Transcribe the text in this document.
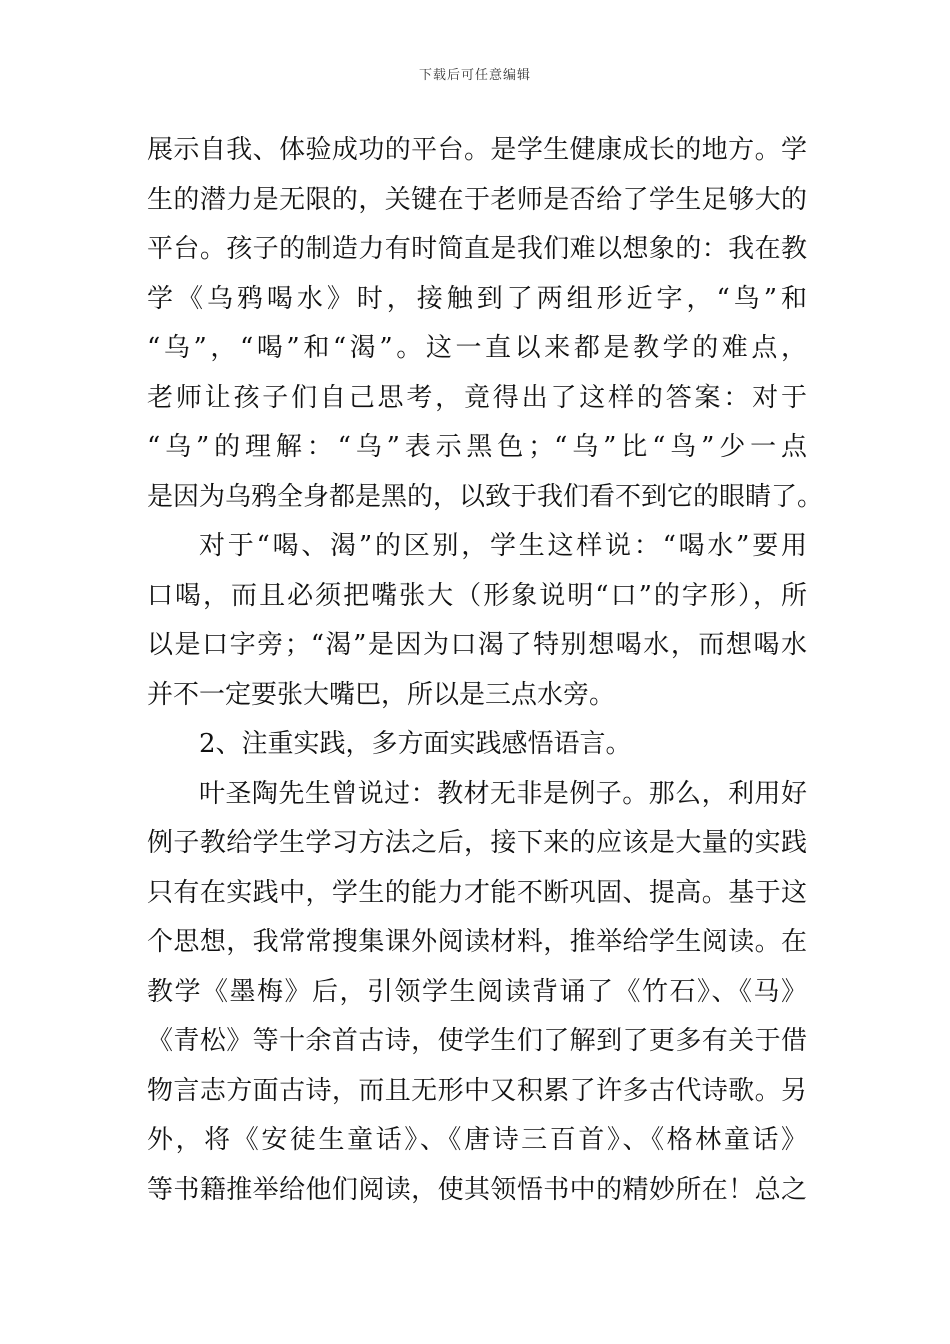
下载后可任意编辑
展示自我、体验成功的平台。是学生健康成长的地方。学
生的潜力是无限的，关键在于老师是否给了学生足够大的
平台。孩子的制造力有时简直是我们难以想象的：我在教
学《乌鸦喝水》时，接触到了两组形近字，“鸟”和
“乌”，“喝”和“渴”。这一直以来都是教学的难点，
老师让孩子们自己思考，竟得出了这样的答案：对于
“乌”的理解：“乌”表示黑色；“乌”比“鸟”少一点
是因为乌鸦全身都是黑的，以致于我们看不到它的眼睛了。
对于“喝、渴”的区别，学生这样说：“喝水”要用
口喝，而且必须把嘴张大（形象说明“口”的字形），所
以是口字旁；“渴”是因为口渴了特别想喝水，而想喝水
并不一定要张大嘴巴，所以是三点水旁。
2、注重实践，多方面实践感悟语言。
叶圣陶先生曾说过：教材无非是例子。那么，利用好
例子教给学生学习方法之后，接下来的应该是大量的实践
只有在实践中，学生的能力才能不断巩固、提高。基于这
个思想，我常常搜集课外阅读材料，推举给学生阅读。在
教学《墨梅》后，引领学生阅读背诵了《竹石》、《马》
《青松》等十余首古诗，使学生们了解到了更多有关于借
物言志方面古诗，而且无形中又积累了许多古代诗歌。另
外，将《安徒生童话》、《唐诗三百首》、《格林童话》
等书籍推举给他们阅读，使其领悟书中的精妙所在！总之
